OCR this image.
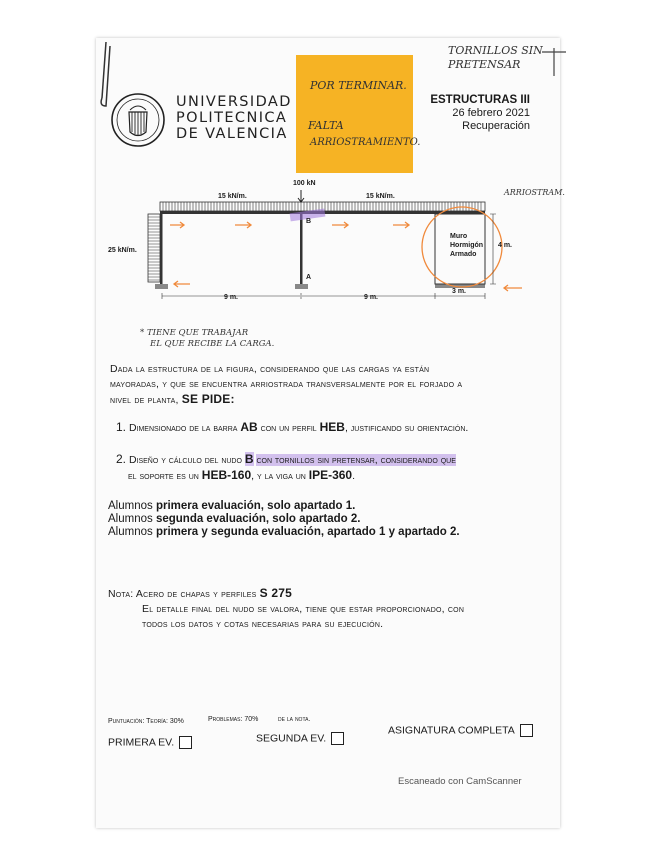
UNIVERSIDAD
POLITECNICA
DE VALENCIA
POR TERMINAR.
FALTA
ARRIOSTRAMIENTO.
TORNILLOS SIN PRETENSAR
ESTRUCTURAS III
26 febrero 2021
Recuperación
ARRIOSTRAM.
100 kN
15 kN/m.	15 kN/m.
25 kN/m.
B
A
Muro
Hormigón
Armado
4 m.
9 m.	9 m.
3 m.
* TIENE QUE TRABAJAR
EL QUE RECIBE LA CARGA.
Dada la estructura de la figura, considerando que las cargas ya están
mayoradas, y que se encuentra arriostrada transversalmente por el forjado a
nivel de planta, SE PIDE:
1. Dimensionado de la barra AB con un perfil HEB, justificando su orientación.
2. Diseño y cálculo del nudo B con tornillos sin pretensar, considerando que
el soporte es un HEB-160, y la viga un IPE-360.
Alumnos primera evaluación, solo apartado 1.
Alumnos segunda evaluación, solo apartado 2.
Alumnos primera y segunda evaluación, apartado 1 y apartado 2.
Nota: Acero de chapas y perfiles S 275
El detalle final del nudo se valora, tiene que estar proporcionado, con
todos los datos y cotas necesarias para su ejecución.
Puntuación: Teoría: 30%	Problemas: 70%	de la nota.
PRIMERA EV.	SEGUNDA EV.
ASIGNATURA COMPLETA
Escaneado con CamScanner
